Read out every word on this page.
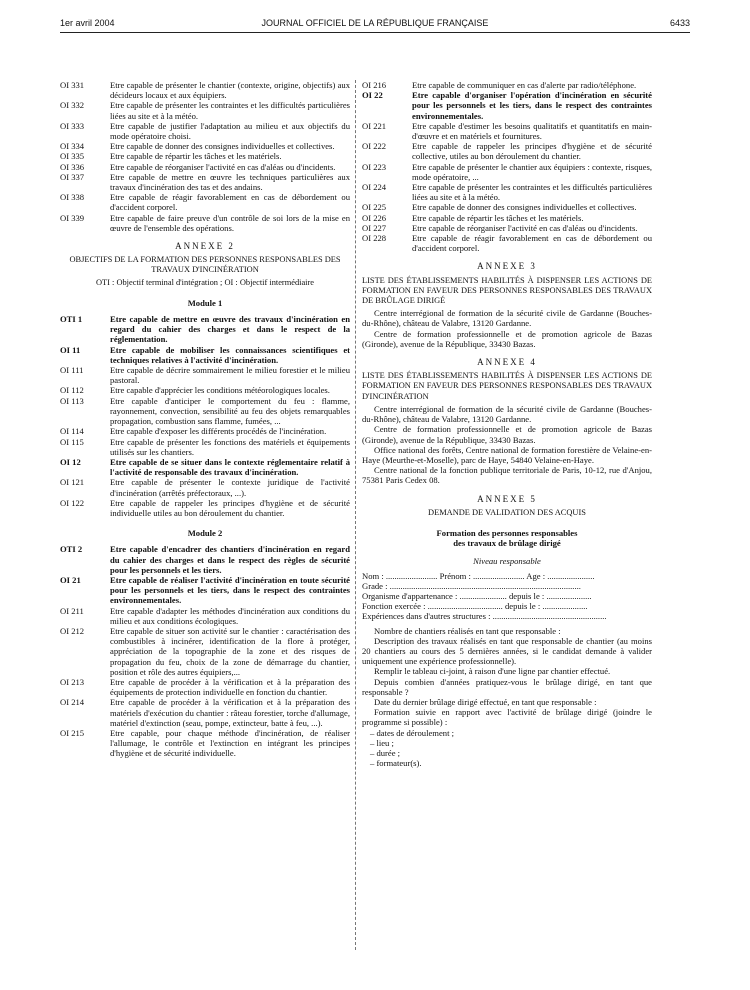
1er avril 2004	JOURNAL OFFICIEL DE LA RÉPUBLIQUE FRANÇAISE	6433
OI 331	Etre capable de présenter le chantier (contexte, origine, objectifs) aux décideurs locaux et aux équipiers.
OI 332	Etre capable de présenter les contraintes et les difficultés particulières liées au site et à la météo.
OI 333	Etre capable de justifier l'adaptation au milieu et aux objectifs du mode opératoire choisi.
OI 334	Etre capable de donner des consignes individuelles et collectives.
OI 335	Etre capable de répartir les tâches et les matériels.
OI 336	Etre capable de réorganiser l'activité en cas d'aléas ou d'incidents.
OI 337	Etre capable de mettre en œuvre les techniques particulières aux travaux d'incinération des tas et des andains.
OI 338	Etre capable de réagir favorablement en cas de débordement ou d'accident corporel.
OI 339	Etre capable de faire preuve d'un contrôle de soi lors de la mise en œuvre de l'ensemble des opérations.
ANNEXE 2
OBJECTIFS DE LA FORMATION DES PERSONNES RESPONSABLES DES TRAVAUX D'INCINÉRATION
OTI : Objectif terminal d'intégration ; OI : Objectif intermédiaire
Module 1
OTI 1	Etre capable de mettre en œuvre des travaux d'incinération en regard du cahier des charges et dans le respect de la réglementation.
OI 11	Etre capable de mobiliser les connaissances scientifiques et techniques relatives à l'activité d'incinération.
OI 111	Etre capable de décrire sommairement le milieu forestier et le milieu pastoral.
OI 112	Etre capable d'apprécier les conditions météorologiques locales.
OI 113	Etre capable d'anticiper le comportement du feu : flamme, rayonnement, convection, sensibilité au feu des objets remarquables propagation, combustion sans flamme, fumées, ...
OI 114	Etre capable d'exposer les différents procédés de l'incinération.
OI 115	Etre capable de présenter les fonctions des matériels et équipements utilisés sur les chantiers.
OI 12	Etre capable de se situer dans le contexte réglementaire relatif à l'activité de responsable des travaux d'incinération.
OI 121	Etre capable de présenter le contexte juridique de l'activité d'incinération (arrêtés préfectoraux, ...).
OI 122	Etre capable de rappeler les principes d'hygiène et de sécurité individuelle utiles au bon déroulement du chantier.
Module 2
OTI 2	Etre capable d'encadrer des chantiers d'incinération en regard du cahier des charges et dans le respect des règles de sécurité pour les personnels et les tiers.
OI 21	Etre capable de réaliser l'activité d'incinération en toute sécurité pour les personnels et les tiers, dans le respect des contraintes environnementales.
OI 211	Etre capable d'adapter les méthodes d'incinération aux conditions du milieu et aux conditions écologiques.
OI 212	Etre capable de situer son activité sur le chantier : caractérisation des combustibles à incinérer, identification de la flore à protéger, appréciation de la topographie de la zone et des risques de propagation du feu, choix de la zone de démarrage du chantier, position et rôle des autres équipiers,...
OI 213	Etre capable de procéder à la vérification et à la préparation des équipements de protection individuelle en fonction du chantier.
OI 214	Etre capable de procéder à la vérification et à la préparation des matériels d'exécution du chantier : râteau forestier, torche d'allumage, matériel d'extinction (seau, pompe, extincteur, batte à feu, ...).
OI 215	Etre capable, pour chaque méthode d'incinération, de réaliser l'allumage, le contrôle et l'extinction en intégrant les principes d'hygiène et de sécurité individuelle.
OI 216	Etre capable de communiquer en cas d'alerte par radio/téléphone.
OI 22	Etre capable d'organiser l'opération d'incinération en sécurité pour les personnels et les tiers, dans le respect des contraintes environnementales.
OI 221	Etre capable d'estimer les besoins qualitatifs et quantitatifs en main-d'œuvre et en matériels et fournitures.
OI 222	Etre capable de rappeler les principes d'hygiène et de sécurité collective, utiles au bon déroulement du chantier.
OI 223	Etre capable de présenter le chantier aux équipiers : contexte, risques, mode opératoire, ...
OI 224	Etre capable de présenter les contraintes et les difficultés particulières liées au site et à la météo.
OI 225	Etre capable de donner des consignes individuelles et collectives.
OI 226	Etre capable de répartir les tâches et les matériels.
OI 227	Etre capable de réorganiser l'activité en cas d'aléas ou d'incidents.
OI 228	Etre capable de réagir favorablement en cas de débordement ou d'accident corporel.
ANNEXE 3
LISTE DES ÉTABLISSEMENTS HABILITÉS À DISPENSER LES ACTIONS DE FORMATION EN FAVEUR DES PERSONNES RESPONSABLES DES TRAVAUX DE BRÛLAGE DIRIGÉ
Centre interrégional de formation de la sécurité civile de Gardanne (Bouches-du-Rhône), château de Valabre, 13120 Gardanne.
Centre de formation professionnelle et de promotion agricole de Bazas (Gironde), avenue de la République, 33430 Bazas.
ANNEXE 4
LISTE DES ÉTABLISSEMENTS HABILITÉS À DISPENSER LES ACTIONS DE FORMATION EN FAVEUR DES PERSONNES RESPONSABLES DES TRAVAUX D'INCINÉRATION
Centre interrégional de formation de la sécurité civile de Gardanne (Bouches-du-Rhône), château de Valabre, 13120 Gardanne.
Centre de formation professionnelle et de promotion agricole de Bazas (Gironde), avenue de la République, 33430 Bazas.
Office national des forêts, Centre national de formation forestière de Velaine-en-Haye (Meurthe-et-Moselle), parc de Haye, 54840 Velaine-en-Haye.
Centre national de la fonction publique territoriale de Paris, 10-12, rue d'Anjou, 75381 Paris Cedex 08.
ANNEXE 5
DEMANDE DE VALIDATION DES ACQUIS
Formation des personnes responsables
des travaux de brûlage dirigé
Niveau responsable
Nom : ........................ Prénom : ........................ Age : ......................
Grade : .........................................................................................
Organisme d'appartenance : ...................... depuis le : .....................
Fonction exercée : ................................... depuis le : .....................
Expériences dans d'autres structures : .....................................................
Nombre de chantiers réalisés en tant que responsable :
Description des travaux réalisés en tant que responsable de chantier (au moins 20 chantiers au cours des 5 dernières années, si le candidat demande à valider uniquement une expérience professionnelle).
Remplir le tableau ci-joint, à raison d'une ligne par chantier effectué.
Depuis combien d'années pratiquez-vous le brûlage dirigé, en tant que responsable ?
Date du dernier brûlage dirigé effectué, en tant que responsable :
Formation suivie en rapport avec l'activité de brûlage dirigé (joindre le programme si possible) :
– dates de déroulement ;
– lieu ;
– durée ;
– formateur(s).
